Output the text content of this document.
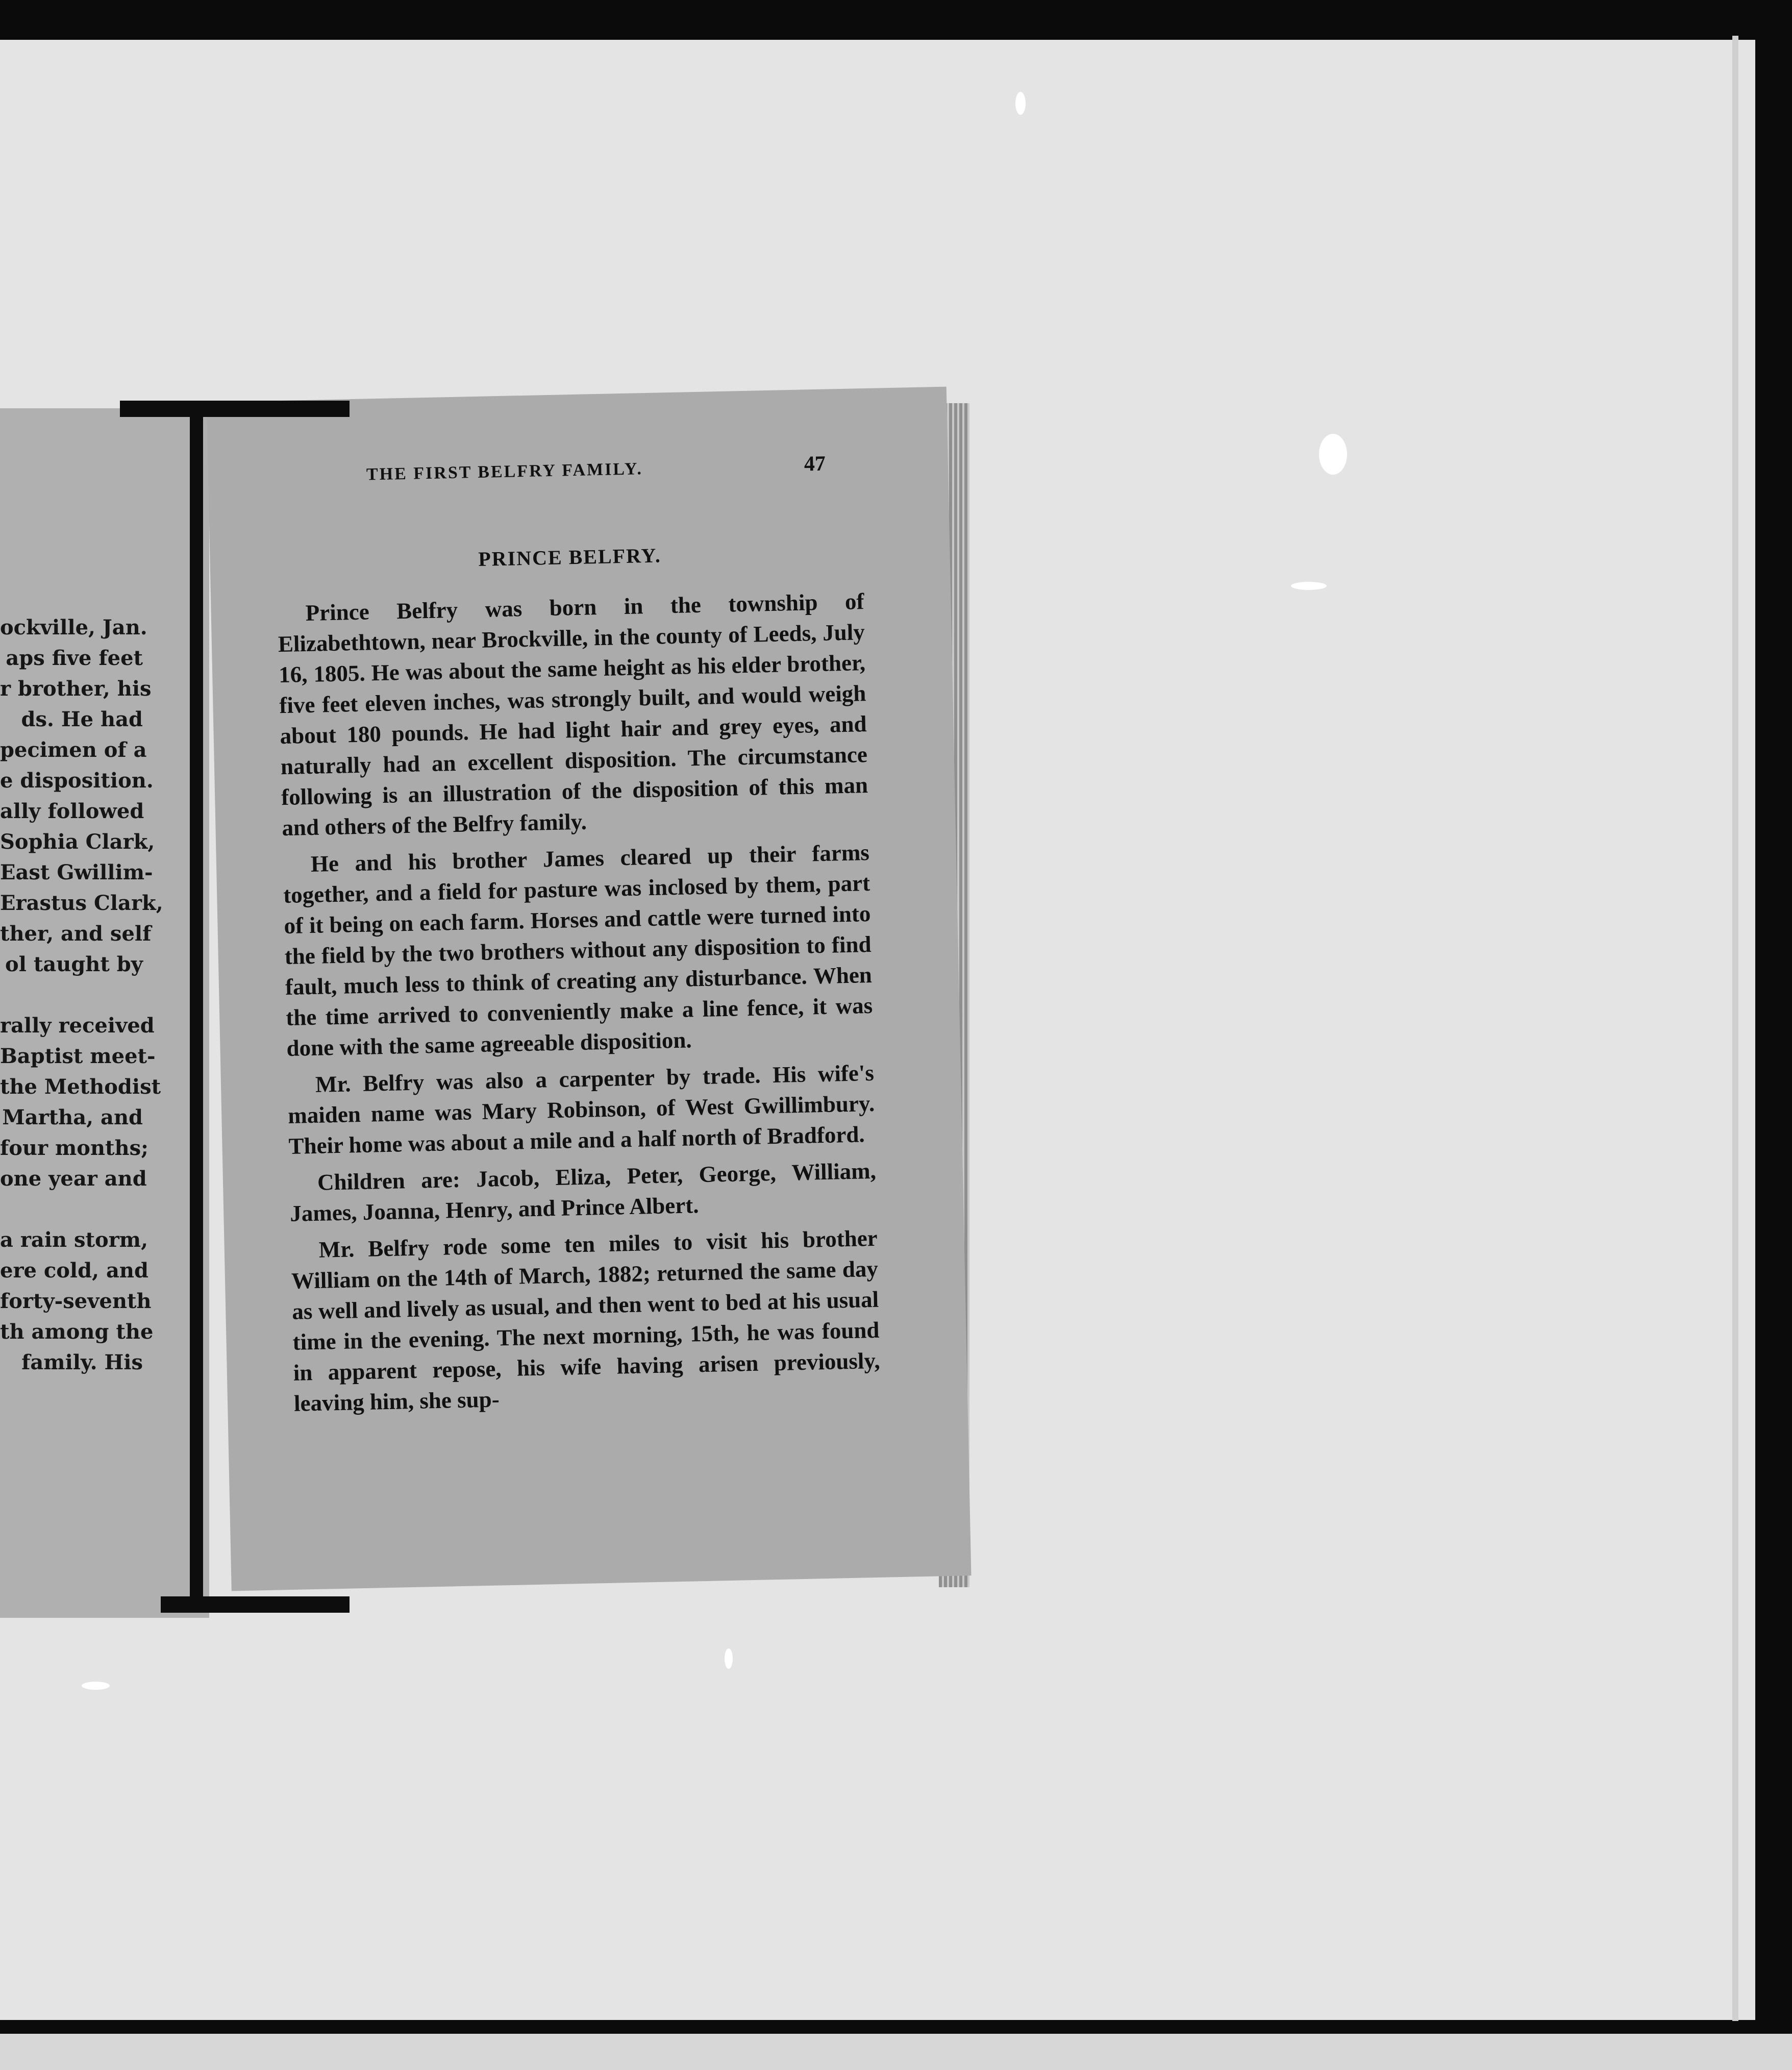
ockville, Jan.
aps five feet
r brother, his
ds. He had
pecimen of a
e disposition.
ally followed
Sophia Clark,
East Gwillim-
Erastus Clark,
ther, and self
ol taught by
rally received
Baptist meet-
the Methodist
Martha, and
four months;
one year and
a rain storm,
ere cold, and
forty-seventh
th among the
family. His
THE FIRST BELFRY FAMILY.	47
PRINCE BELFRY.

Prince Belfry was born in the township of Elizabethtown, near Brockville, in the county of Leeds, July 16, 1805. He was about the same height as his elder brother, five feet eleven inches, was strongly built, and would weigh about 180 pounds. He had light hair and grey eyes, and naturally had an excellent disposition. The circumstance following is an illustration of the disposition of this man and others of the Belfry family.

He and his brother James cleared up their farms together, and a field for pasture was inclosed by them, part of it being on each farm. Horses and cattle were turned into the field by the two brothers without any disposition to find fault, much less to think of creating any disturbance. When the time arrived to conveniently make a line fence, it was done with the same agreeable disposition.

Mr. Belfry was also a carpenter by trade. His wife's maiden name was Mary Robinson, of West Gwillimbury. Their home was about a mile and a half north of Bradford.

Children are: Jacob, Eliza, Peter, George, William, James, Joanna, Henry, and Prince Albert.

Mr. Belfry rode some ten miles to visit his brother William on the 14th of March, 1882; returned the same day as well and lively as usual, and then went to bed at his usual time in the evening. The next morning, 15th, he was found in apparent repose, his wife having arisen previously, leaving him, she sup-
